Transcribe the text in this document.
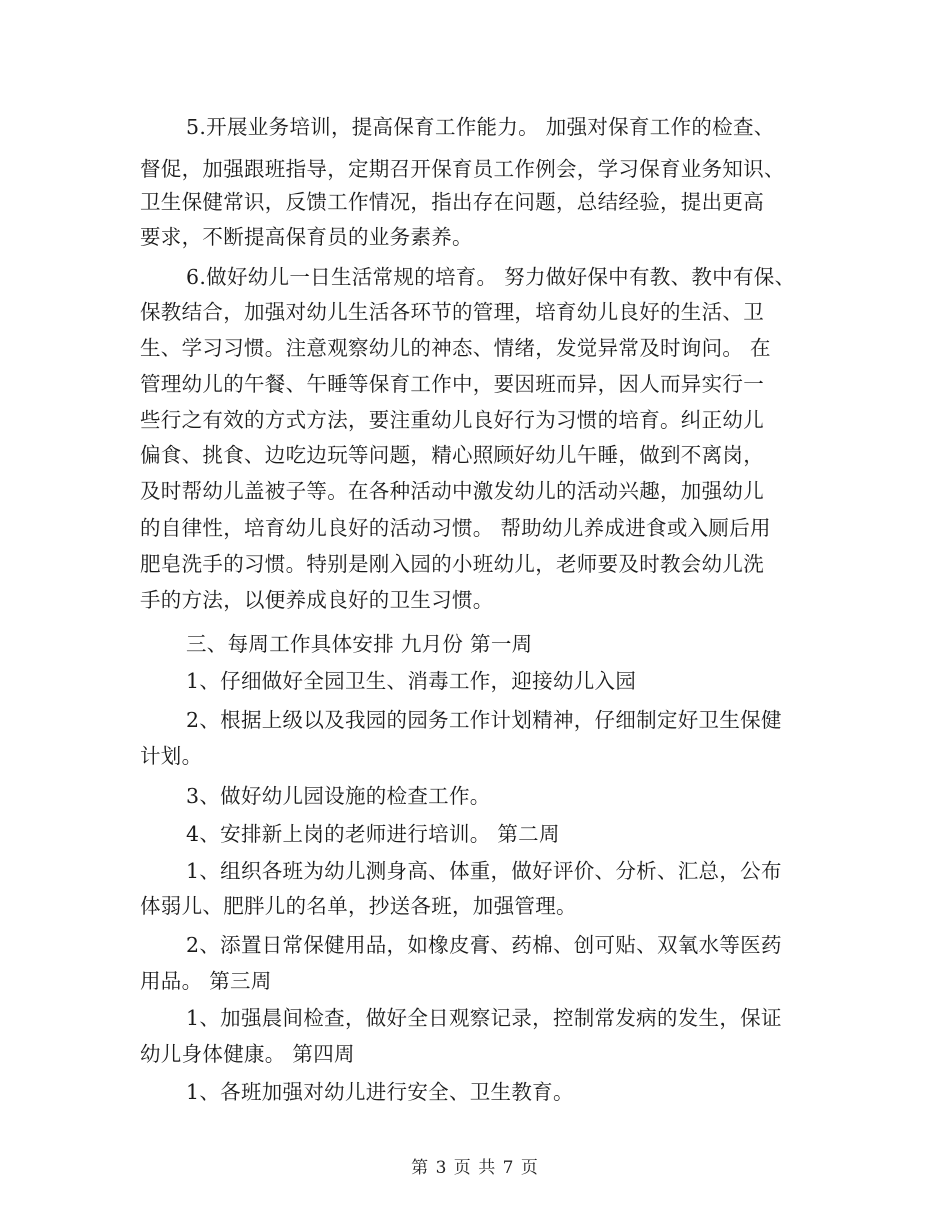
5.开展业务培训，提高保育工作能力。 加强对保育工作的检查、
督促，加强跟班指导，定期召开保育员工作例会，学习保育业务知识、
卫生保健常识，反馈工作情况，指出存在问题，总结经验，提出更高
要求，不断提高保育员的业务素养。
6.做好幼儿一日生活常规的培育。 努力做好保中有教、教中有保、
保教结合，加强对幼儿生活各环节的管理，培育幼儿良好的生活、卫
生、学习习惯。注意观察幼儿的神态、情绪，发觉异常及时询问。 在
管理幼儿的午餐、午睡等保育工作中，要因班而异，因人而异实行一
些行之有效的方式方法，要注重幼儿良好行为习惯的培育。纠正幼儿
偏食、挑食、边吃边玩等问题，精心照顾好幼儿午睡，做到不离岗，
及时帮幼儿盖被子等。在各种活动中激发幼儿的活动兴趣，加强幼儿
的自律性，培育幼儿良好的活动习惯。 帮助幼儿养成进食或入厕后用
肥皂洗手的习惯。特别是刚入园的小班幼儿，老师要及时教会幼儿洗
手的方法，以便养成良好的卫生习惯。
三、每周工作具体安排 九月份 第一周
1、仔细做好全园卫生、消毒工作，迎接幼儿入园
2、根据上级以及我园的园务工作计划精神，仔细制定好卫生保健
计划。
3、做好幼儿园设施的检查工作。
4、安排新上岗的老师进行培训。 第二周
1、组织各班为幼儿测身高、体重，做好评价、分析、汇总，公布
体弱儿、肥胖儿的名单，抄送各班，加强管理。
2、添置日常保健用品，如橡皮膏、药棉、创可贴、双氧水等医药
用品。 第三周
1、加强晨间检查，做好全日观察记录，控制常发病的发生，保证
幼儿身体健康。 第四周
1、各班加强对幼儿进行安全、卫生教育。
第 3 页 共 7 页
